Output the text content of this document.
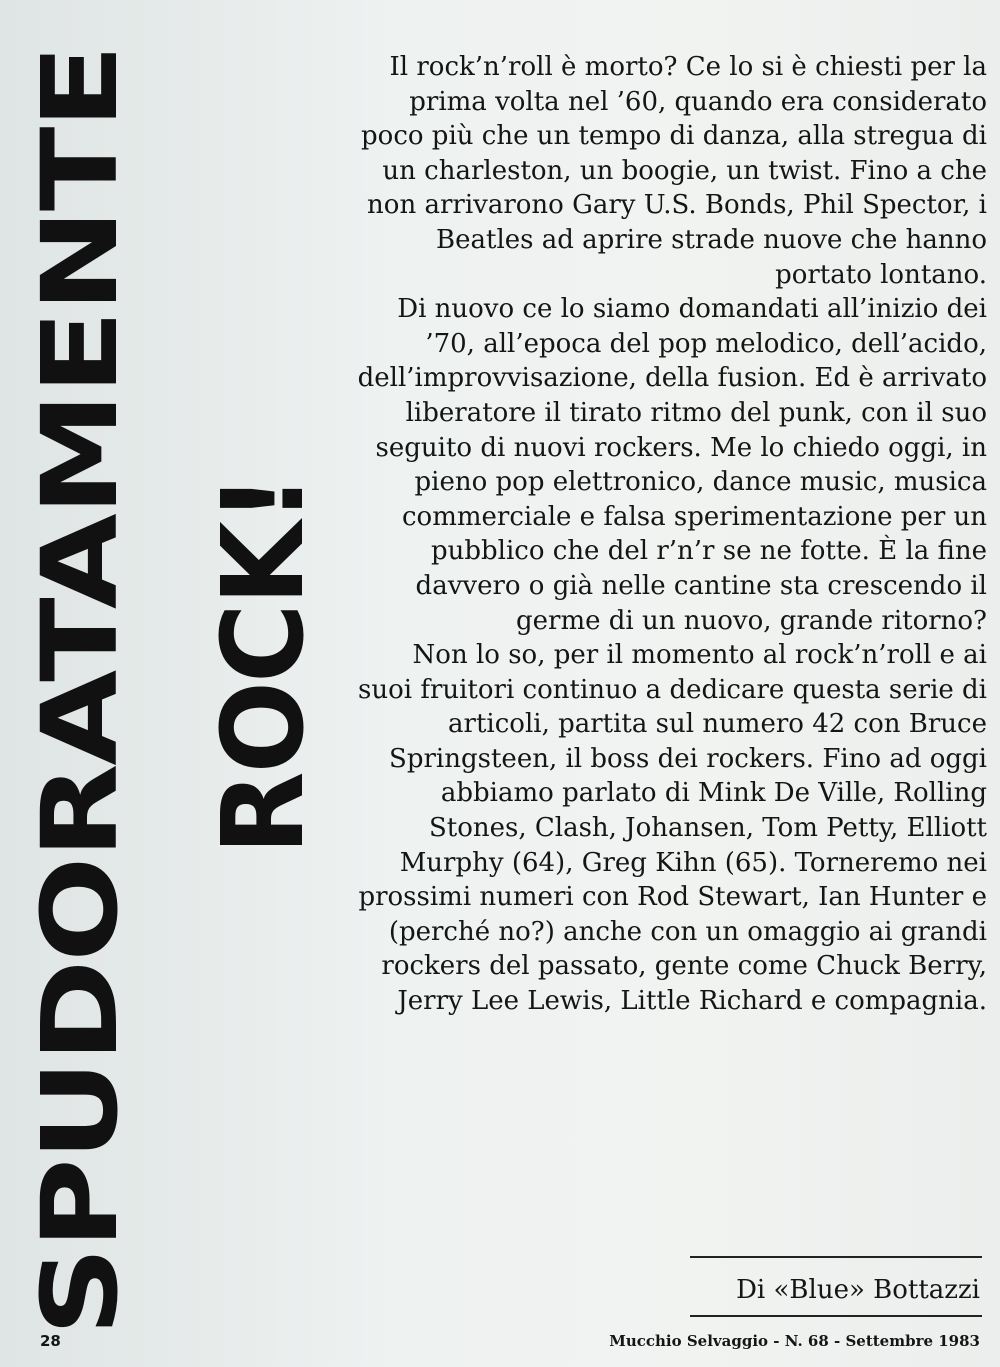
SPUDORATAMENTE ROCK!

Il rock’n’roll è morto? Ce lo si è chiesti per la prima volta nel ’60, quando era considerato poco più che un tempo di danza, alla stregua di un charleston, un boogie, un twist. Fino a che non arrivarono Gary U.S. Bonds, Phil Spector, i Beatles ad aprire strade nuove che hanno portato lontano.

Di nuovo ce lo siamo domandati all’inizio dei ’70, all’epoca del pop melodico, dell’acido, dell’improvvisazione, della fusion. Ed è arrivato liberatore il tirato ritmo del punk, con il suo seguito di nuovi rockers. Me lo chiedo oggi, in pieno pop elettronico, dance music, musica commerciale e falsa sperimentazione per un pubblico che del r’n’r se ne fotte. È la fine davvero o già nelle cantine sta crescendo il germe di un nuovo, grande ritorno?

Non lo so, per il momento al rock’n’roll e ai suoi fruitori continuo a dedicare questa serie di articoli, partita sul numero 42 con Bruce Springsteen, il boss dei rockers. Fino ad oggi abbiamo parlato di Mink De Ville, Rolling Stones, Clash, Johansen, Tom Petty, Elliott Murphy (64), Greg Kihn (65). Torneremo nei prossimi numeri con Rod Stewart, Ian Hunter e (perché no?) anche con un omaggio ai grandi rockers del passato, gente come Chuck Berry, Jerry Lee Lewis, Little Richard e compagnia.

Di «Blue» Bottazzi
28	Mucchio Selvaggio - N. 68 - Settembre 1983
